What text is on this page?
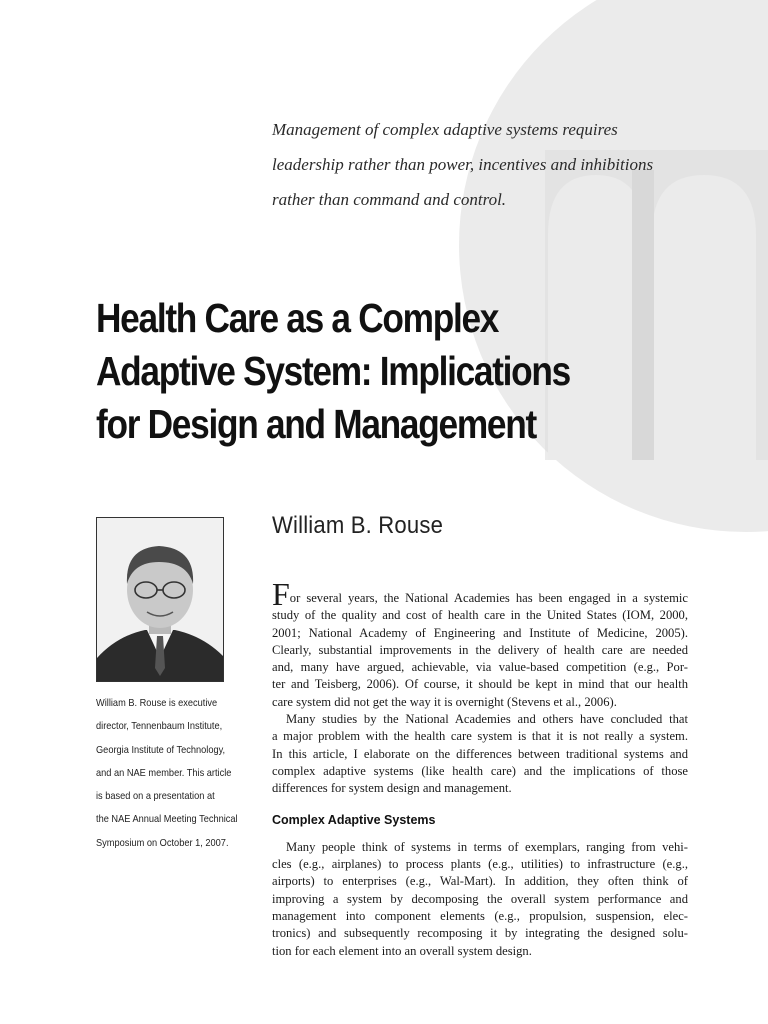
Management of complex adaptive systems requires
leadership rather than power, incentives and inhibitions
rather than command and control.
Health Care as a Complex
Adaptive System: Implications
for Design and Management
William B. Rouse
William B. Rouse is executive
director, Tennenbaum Institute,
Georgia Institute of Technology,
and an NAE member. This article
is based on a presentation at
the NAE Annual Meeting Technical
Symposium on October 1, 2007.
For several years, the National Academies has been engaged in a systemic
study of the quality and cost of health care in the United States (IOM, 2000,
2001; National Academy of Engineering and Institute of Medicine, 2005).
Clearly, substantial improvements in the delivery of health care are needed
and, many have argued, achievable, via value-based competition (e.g., Por-
ter and Teisberg, 2006). Of course, it should be kept in mind that our health
care system did not get the way it is overnight (Stevens et al., 2006).
Many studies by the National Academies and others have concluded that
a major problem with the health care system is that it is not really a system.
In this article, I elaborate on the differences between traditional systems and
complex adaptive systems (like health care) and the implications of those
differences for system design and management.
Complex Adaptive Systems
Many people think of systems in terms of exemplars, ranging from vehi-
cles (e.g., airplanes) to process plants (e.g., utilities) to infrastructure (e.g.,
airports) to enterprises (e.g., Wal-Mart). In addition, they often think of
improving a system by decomposing the overall system performance and
management into component elements (e.g., propulsion, suspension, elec-
tronics) and subsequently recomposing it by integrating the designed solu-
tion for each element into an overall system design.
